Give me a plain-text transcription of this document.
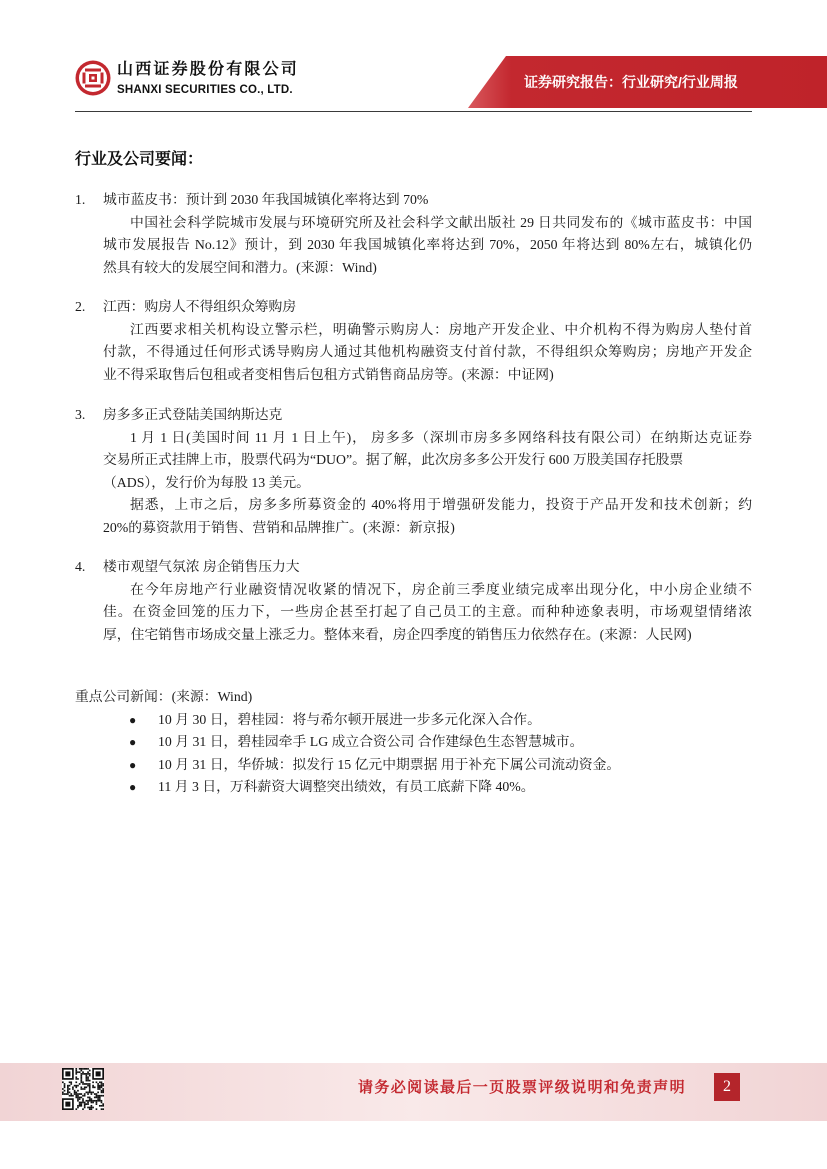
山西证券股份有限公司
SHANXI SECURITIES CO., LTD.	证券研究报告：行业研究/行业周报
行业及公司要闻：
1. 城市蓝皮书：预计到 2030 年我国城镇化率将达到 70%
中国社会科学院城市发展与环境研究所及社会科学文献出版社 29 日共同发布的《城市蓝皮书：中国
城市发展报告 No.12》预计，到 2030 年我国城镇化率将达到 70%，2050 年将达到 80%左右，城镇化仍
然具有较大的发展空间和潜力。(来源：Wind)
2. 江西：购房人不得组织众筹购房
江西要求相关机构设立警示栏，明确警示购房人：房地产开发企业、中介机构不得为购房人垫付首
付款，不得通过任何形式诱导购房人通过其他机构融资支付首付款，不得组织众筹购房；房地产开发企
业不得采取售后包租或者变相售后包租方式销售商品房等。(来源：中证网)
3. 房多多正式登陆美国纳斯达克
1 月 1 日(美国时间 11 月 1 日上午)， 房多多（深圳市房多多网络科技有限公司）在纳斯达克证券
交易所正式挂牌上市，股票代码为“DUO”。据了解，此次房多多公开发行 600 万股美国存托股票
（ADS），发行价为每股 13 美元。
据悉，上市之后，房多多所募资金的 40%将用于增强研发能力，投资于产品开发和技术创新；约
20%的募资款用于销售、营销和品牌推广。(来源：新京报)
4. 楼市观望气氛浓 房企销售压力大
在今年房地产行业融资情况收紧的情况下，房企前三季度业绩完成率出现分化，中小房企业绩不
佳。在资金回笼的压力下，一些房企甚至打起了自己员工的主意。而种种迹象表明，市场观望情绪浓
厚，住宅销售市场成交量上涨乏力。整体来看，房企四季度的销售压力依然存在。(来源：人民网)
重点公司新闻：(来源：Wind)
● 10 月 30 日，碧桂园：将与希尔顿开展进一步多元化深入合作。
● 10 月 31 日，碧桂园牵手 LG 成立合资公司 合作建绿色生态智慧城市。
● 10 月 31 日，华侨城：拟发行 15 亿元中期票据 用于补充下属公司流动资金。
● 11 月 3 日，万科薪资大调整突出绩效，有员工底薪下降 40%。
请务必阅读最后一页股票评级说明和免责声明	2
